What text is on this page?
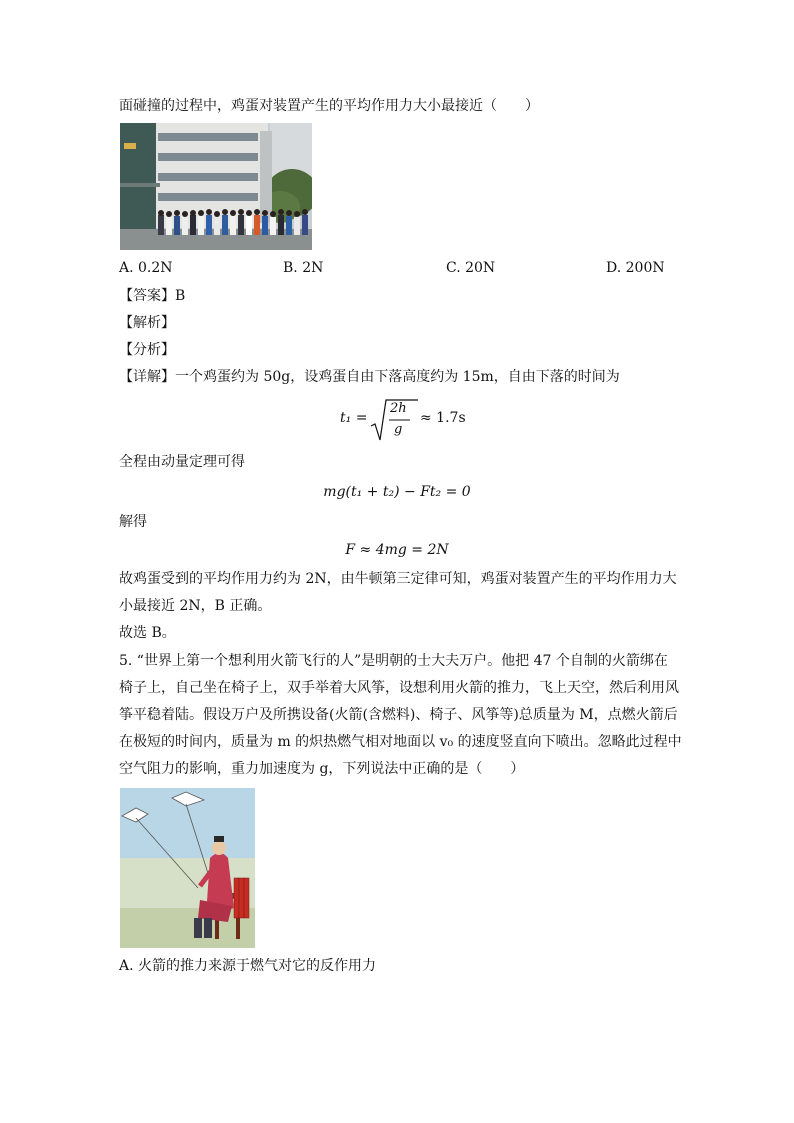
面碰撞的过程中，鸡蛋对装置产生的平均作用力大小最接近（　　）
A. 0.2N	B. 2N	C. 20N	D. 200N
【答案】B
【解析】
【分析】
【详解】一个鸡蛋约为 50g，设鸡蛋自由下落高度约为 15m，自由下落的时间为
t₁ =
2h
g
≈ 1.7s
全程由动量定理可得
mg(t₁ + t₂) − Ft₂ = 0
解得
F ≈ 4mg = 2N
故鸡蛋受到的平均作用力约为 2N，由牛顿第三定律可知，鸡蛋对装置产生的平均作用力大
小最接近 2N，B 正确。
故选 B。
5. “世界上第一个想利用火箭飞行的人”是明朝的士大夫万户。他把 47 个自制的火箭绑在
椅子上，自己坐在椅子上，双手举着大风筝，设想利用火箭的推力，飞上天空，然后利用风
筝平稳着陆。假设万户及所携设备(火箭(含燃料)、椅子、风筝等)总质量为 M，点燃火箭后
在极短的时间内，质量为 m 的炽热燃气相对地面以 v₀ 的速度竖直向下喷出。忽略此过程中
空气阻力的影响，重力加速度为 g，下列说法中正确的是（　　）
A. 火箭的推力来源于燃气对它的反作用力
